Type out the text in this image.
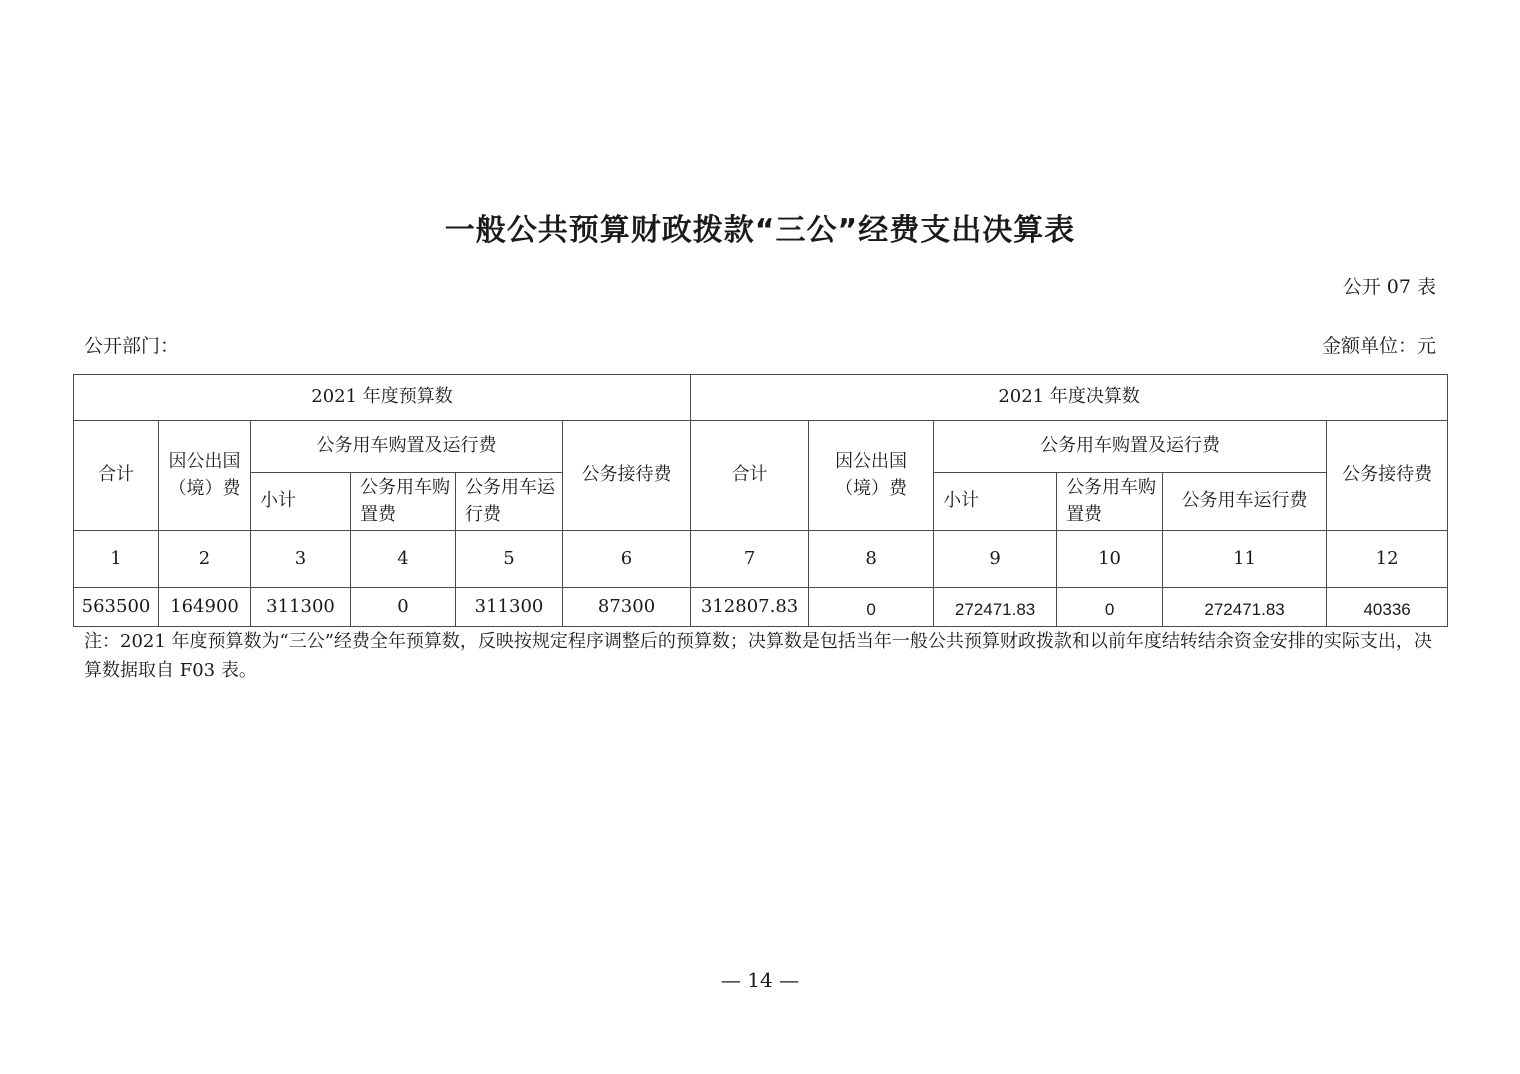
一般公共预算财政拨款“三公”经费支出决算表
公开 07 表
公开部门：	金额单位：元
2021 年度预算数						2021 年度决算数					
合计	因公出国（境）费	公务用车购置及运行费			公务接待费	合计	因公出国（境）费	公务用车购置及运行费			公务接待费
		小计	公务用车购置费	公务用车运行费				小计	公务用车购置费	公务用车运行费	
1	2	3	4	5	6	7	8	9	10	11	12
563500	164900	311300	0	311300	87300	312807.83	0	272471.83	0	272471.83	40336
注：2021 年度预算数为“三公”经费全年预算数，反映按规定程序调整后的预算数；决算数是包括当年一般公共预算财政拨款和以前年度结转结余资金安排的实际支出，决算数据取自 F03 表。
— 14 —
